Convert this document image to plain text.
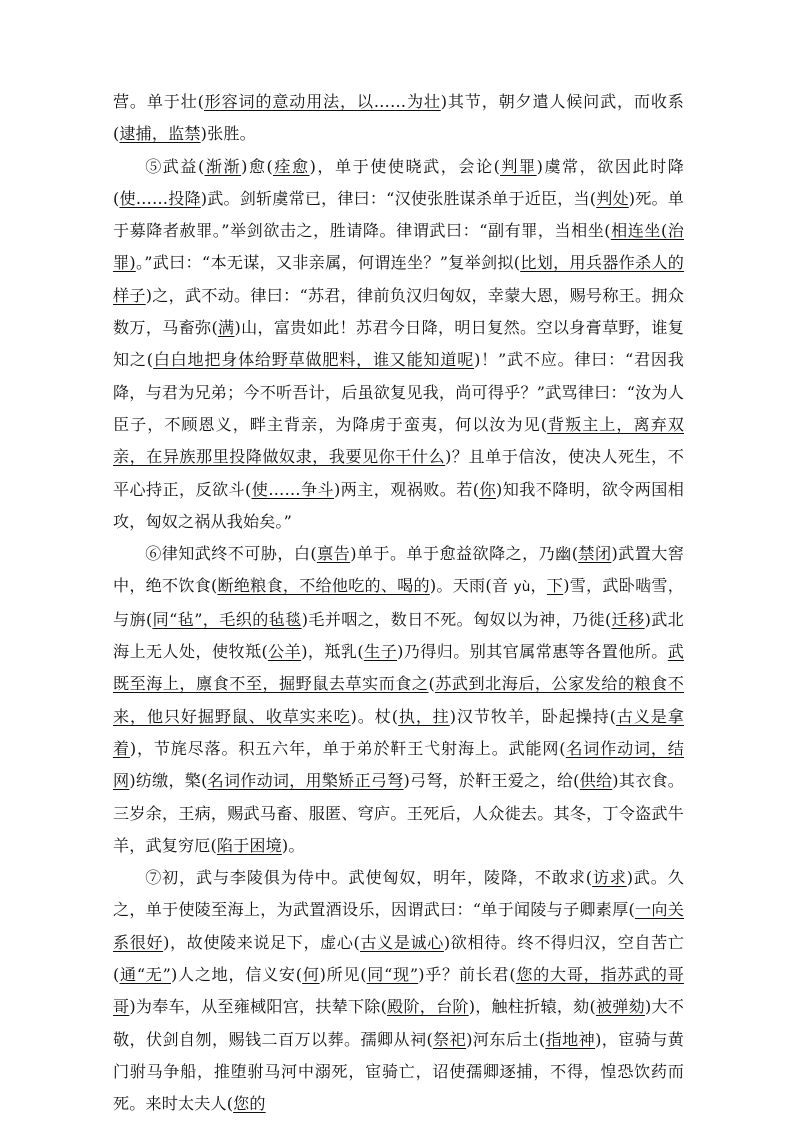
营。单于壮(形容词的意动用法，以……为壮)其节，朝夕遣人候问武，而收系(逮捕，监禁)张胜。

⑤武益(渐渐)愈(痊愈)，单于使使晓武，会论(判罪)虞常，欲因此时降(使……投降)武。剑斩虞常已，律曰：“汉使张胜谋杀单于近臣，当(判处)死。单于募降者赦罪。”举剑欲击之，胜请降。律谓武曰：“副有罪，当相坐(相连坐(治罪)。”武曰：“本无谋，又非亲属，何谓连坐？”复举剑拟(比划，用兵器作杀人的样子)之，武不动。律曰：“苏君，律前负汉归匈奴，幸蒙大恩，赐号称王。拥众数万，马畜弥(满)山，富贵如此！苏君今日降，明日复然。空以身膏草野，谁复知之(白白地把身体给野草做肥料，谁又能知道呢)！”武不应。律曰：“君因我降，与君为兄弟；今不听吾计，后虽欲复见我，尚可得乎？”武骂律曰：“汝为人臣子，不顾恩义，畔主背亲，为降虏于蛮夷，何以汝为见(背叛主上，离弃双亲，在异族那里投降做奴隶，我要见你干什么)？且单于信汝，使决人死生，不平心持正，反欲斗(使……争斗)两主，观祸败。若(你)知我不降明，欲令两国相攻，匈奴之祸从我始矣。”

⑥律知武终不可胁，白(禀告)单于。单于愈益欲降之，乃幽(禁闭)武置大窖中，绝不饮食(断绝粮食，不给他吃的、喝的)。天雨(音 yù，下)雪，武卧啮雪，与旃(同“毡”，毛织的毡毯)毛并咽之，数日不死。匈奴以为神，乃徙(迁移)武北海上无人处，使牧羝(公羊)，羝乳(生子)乃得归。别其官属常惠等各置他所。武既至海上，廪食不至，掘野鼠去草实而食之(苏武到北海后，公家发给的粮食不来，他只好掘野鼠、收草实来吃)。杖(执，拄)汉节牧羊，卧起操持(古义是拿着)，节旄尽落。积五六年，单于弟於靬王弋射海上。武能网(名词作动词，结网)纺缴，檠(名词作动词，用檠矫正弓弩)弓弩，於靬王爱之，给(供给)其衣食。三岁余，王病，赐武马畜、服匿、穹庐。王死后，人众徙去。其冬，丁令盗武牛羊，武复穷厄(陷于困境)。

⑦初，武与李陵俱为侍中。武使匈奴，明年，陵降，不敢求(访求)武。久之，单于使陵至海上，为武置酒设乐，因谓武曰：“单于闻陵与子卿素厚(一向关系很好)，故使陵来说足下，虚心(古义是诚心)欲相待。终不得归汉，空自苦亡(通“无”)人之地，信义安(何)所见(同“现”)乎？前长君(您的大哥，指苏武的哥哥)为奉车，从至雍棫阳宫，扶辇下除(殿阶，台阶)，触柱折辕，劾(被弹劾)大不敬，伏剑自刎，赐钱二百万以葬。孺卿从祠(祭祀)河东后土(指地神)，宦骑与黄门驸马争船，推堕驸马河中溺死，宦骑亡，诏使孺卿逐捕，不得，惶恐饮药而死。来时太夫人(您的
